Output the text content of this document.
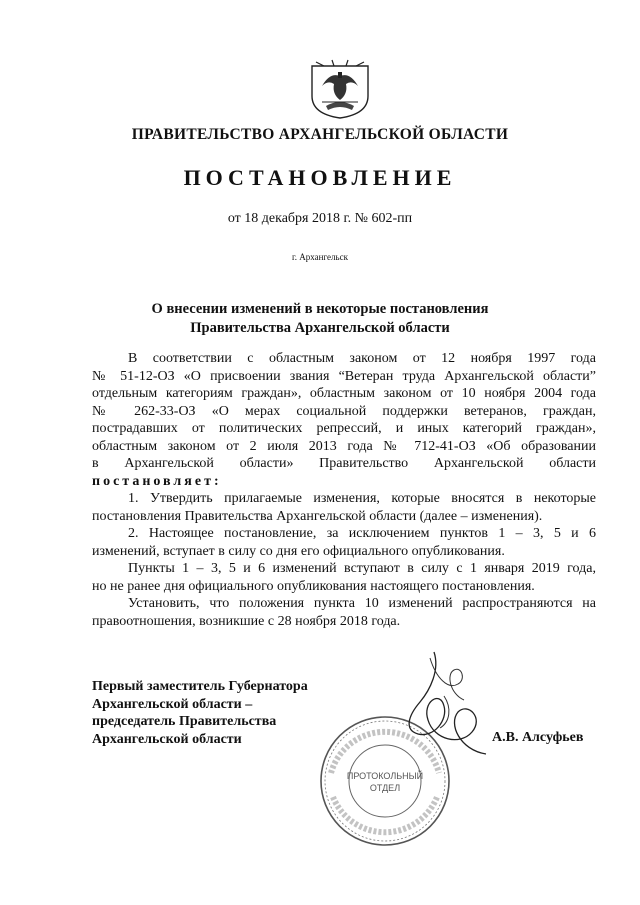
ПРАВИТЕЛЬСТВО АРХАНГЕЛЬСКОЙ ОБЛАСТИ
ПОСТАНОВЛЕНИЕ
от 18 декабря 2018 г. № 602-пп
г. Архангельск
О внесении изменений в некоторые постановления
Правительства Архангельской области
В соответствии с областным законом от 12 ноября 1997 года
№ 51-12-ОЗ «О присвоении звания “Ветеран труда Архангельской области”
отдельным категориям граждан», областным законом от 10 ноября 2004 года
№ 262-33-ОЗ «О мерах социальной поддержки ветеранов, граждан,
пострадавших от политических репрессий, и иных категорий граждан»,
областным законом от 2 июля 2013 года № 712-41-ОЗ «Об образовании
в Архангельской области» Правительство Архангельской области
постановляет:
1. Утвердить прилагаемые изменения, которые вносятся в некоторые
постановления Правительства Архангельской области (далее – изменения).
2. Настоящее постановление, за исключением пунктов 1 – 3, 5 и 6
изменений, вступает в силу со дня его официального опубликования.
Пункты 1 – 3, 5 и 6 изменений вступают в силу с 1 января 2019 года,
но не ранее дня официального опубликования настоящего постановления.
Установить, что положения пункта 10 изменений распространяются на
правоотношения, возникшие с 28 ноября 2018 года.
Первый заместитель Губернатора
Архангельской области –
председатель Правительства
Архангельской области	А.В. Алсуфьев
ПРОТОКОЛЬНЫЙ
ОТДЕЛ
